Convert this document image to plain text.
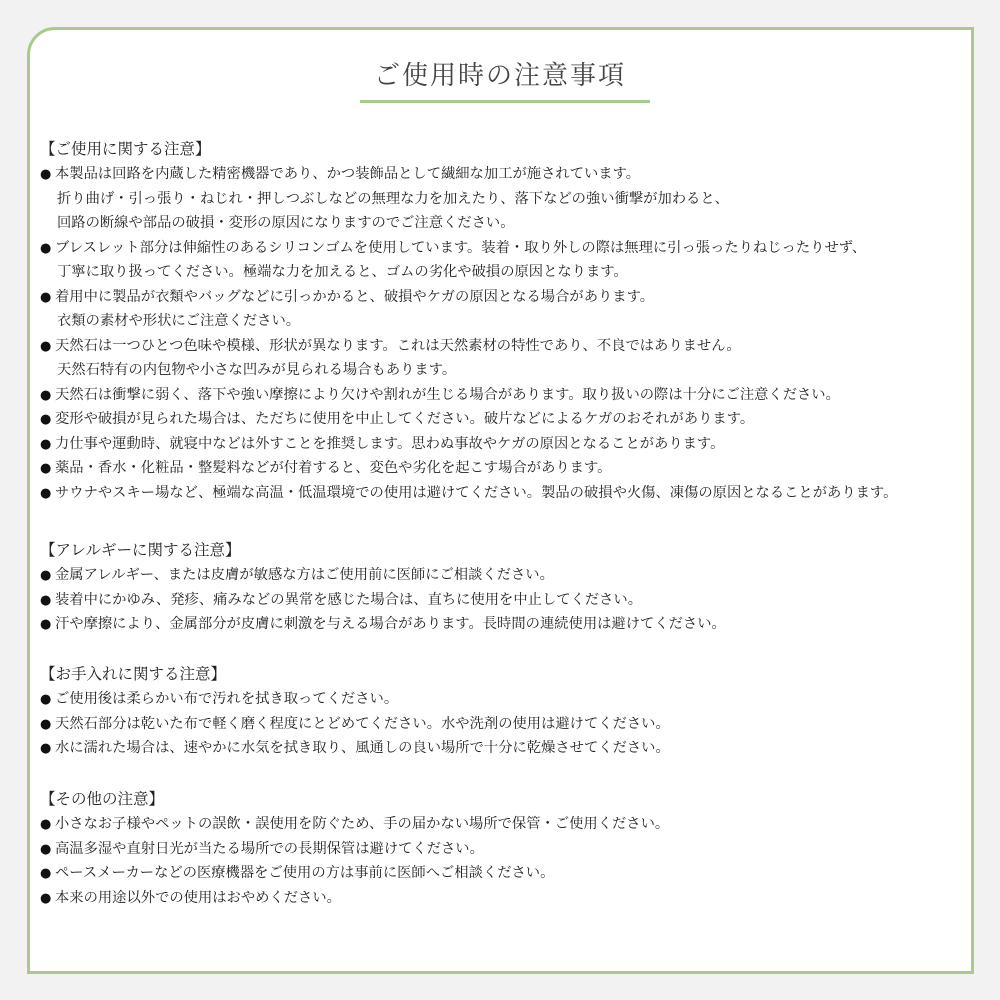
ご使用時の注意事項
【ご使用に関する注意】
● 本製品は回路を内蔵した精密機器であり、かつ装飾品として繊細な加工が施されています。
折り曲げ・引っ張り・ねじれ・押しつぶしなどの無理な力を加えたり、落下などの強い衝撃が加わると、
回路の断線や部品の破損・変形の原因になりますのでご注意ください。
● ブレスレット部分は伸縮性のあるシリコンゴムを使用しています。装着・取り外しの際は無理に引っ張ったりねじったりせず、
丁寧に取り扱ってください。極端な力を加えると、ゴムの劣化や破損の原因となります。
● 着用中に製品が衣類やバッグなどに引っかかると、破損やケガの原因となる場合があります。
衣類の素材や形状にご注意ください。
● 天然石は一つひとつ色味や模様、形状が異なります。これは天然素材の特性であり、不良ではありません。
天然石特有の内包物や小さな凹みが見られる場合もあります。
● 天然石は衝撃に弱く、落下や強い摩擦により欠けや割れが生じる場合があります。取り扱いの際は十分にご注意ください。
● 変形や破損が見られた場合は、ただちに使用を中止してください。破片などによるケガのおそれがあります。
● 力仕事や運動時、就寝中などは外すことを推奨します。思わぬ事故やケガの原因となることがあります。
● 薬品・香水・化粧品・整髪料などが付着すると、変色や劣化を起こす場合があります。
● サウナやスキー場など、極端な高温・低温環境での使用は避けてください。製品の破損や火傷、凍傷の原因となることがあります。
【アレルギーに関する注意】
● 金属アレルギー、または皮膚が敏感な方はご使用前に医師にご相談ください。
● 装着中にかゆみ、発疹、痛みなどの異常を感じた場合は、直ちに使用を中止してください。
● 汗や摩擦により、金属部分が皮膚に刺激を与える場合があります。長時間の連続使用は避けてください。
【お手入れに関する注意】
● ご使用後は柔らかい布で汚れを拭き取ってください。
● 天然石部分は乾いた布で軽く磨く程度にとどめてください。水や洗剤の使用は避けてください。
● 水に濡れた場合は、速やかに水気を拭き取り、風通しの良い場所で十分に乾燥させてください。
【その他の注意】
● 小さなお子様やペットの誤飲・誤使用を防ぐため、手の届かない場所で保管・ご使用ください。
● 高温多湿や直射日光が当たる場所での長期保管は避けてください。
● ペースメーカーなどの医療機器をご使用の方は事前に医師へご相談ください。
● 本来の用途以外での使用はおやめください。
